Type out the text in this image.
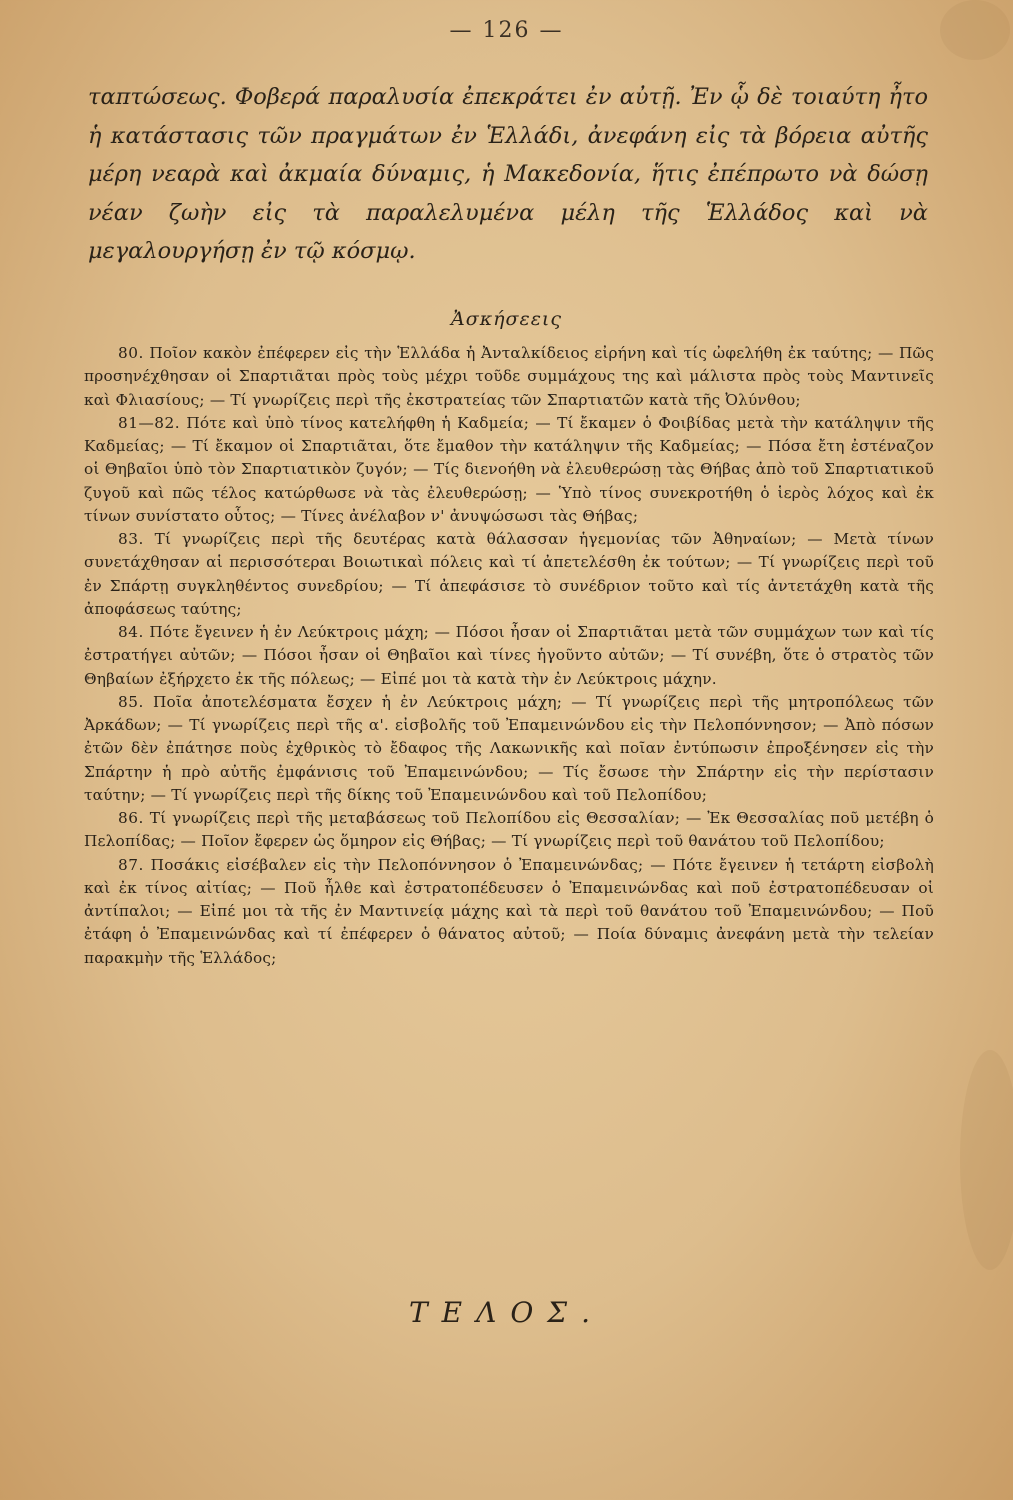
— 126 —
ταπτώσεως. Φοβερά παραλυσία ἐπεκράτει ἐν αὐτῇ. Ἐν ᾧ δὲ τοιαύτη ἦτο ἡ κατάστασις τῶν πραγμάτων ἐν Ἑλλάδι, ἀνεφάνη εἰς τὰ βόρεια αὐτῆς μέρη νεαρὰ καὶ ἀκμαία δύναμις, ἡ Μακεδονία, ἥτις ἐπέπρωτο νὰ δώσῃ νέαν ζωὴν εἰς τὰ παραλελυμένα μέλη τῆς Ἑλλάδος καὶ νὰ μεγαλουργήσῃ ἐν τῷ κόσμῳ.
Ἀσκήσεεις

80. Ποῖον κακὸν ἐπέφερεν εἰς τὴν Ἑλλάδα ἡ Ἀνταλκίδειος εἰρήνη καὶ τίς ὠφελήθη ἐκ ταύτης; — Πῶς προσηνέχθησαν οἱ Σπαρτιᾶται πρὸς τοὺς μέχρι τοῦδε συμμάχους της καὶ μάλιστα πρὸς τοὺς Μαντινεῖς καὶ Φλιασίους; — Τί γνωρίζεις περὶ τῆς ἐκστρατείας τῶν Σπαρτιατῶν κατὰ τῆς Ὀλύνθου;

81—82. Πότε καὶ ὑπὸ τίνος κατελήφθη ἡ Καδμεία; — Τί ἔκαμεν ὁ Φοιβίδας μετὰ τὴν κατάληψιν τῆς Καδμείας; — Τί ἔκαμον οἱ Σπαρτιᾶται, ὅτε ἔμαθον τὴν κατάληψιν τῆς Καδμείας; — Πόσα ἔτη ἐστέναζον οἱ Θηβαῖοι ὑπὸ τὸν Σπαρτιατικὸν ζυγόν; — Τίς διενοήθη νὰ ἐλευθερώσῃ τὰς Θήβας ἀπὸ τοῦ Σπαρτιατικοῦ ζυγοῦ καὶ πῶς τέλος κατώρθωσε νὰ τὰς ἐλευθερώσῃ; — Ὑπὸ τίνος συνεκροτήθη ὁ ἱερὸς λόχος καὶ ἐκ τίνων συνίστατο οὗτος; — Τίνες ἀνέλαβον ν' ἀνυψώσωσι τὰς Θήβας;

83. Τί γνωρίζεις περὶ τῆς δευτέρας κατὰ θάλασσαν ἡγεμονίας τῶν Ἀθηναίων; — Μετὰ τίνων συνετάχθησαν αἱ περισσότεραι Βοιωτικαὶ πόλεις καὶ τί ἀπετελέσθη ἐκ τούτων; — Τί γνωρίζεις περὶ τοῦ ἐν Σπάρτῃ συγκληθέντος συνεδρίου; — Τί ἀπεφάσισε τὸ συνέδριον τοῦτο καὶ τίς ἀντετάχθη κατὰ τῆς ἀποφάσεως ταύτης;

84. Πότε ἔγεινεν ἡ ἐν Λεύκτροις μάχη; — Πόσοι ἦσαν οἱ Σπαρτιᾶται μετὰ τῶν συμμάχων των καὶ τίς ἐστρατήγει αὐτῶν; — Πόσοι ἦσαν οἱ Θηβαῖοι καὶ τίνες ἡγοῦντο αὐτῶν; — Τί συνέβη, ὅτε ὁ στρατὸς τῶν Θηβαίων ἐξήρχετο ἐκ τῆς πόλεως; — Εἰπέ μοι τὰ κατὰ τὴν ἐν Λεύκτροις μάχην.

85. Ποῖα ἀποτελέσματα ἔσχεν ἡ ἐν Λεύκτροις μάχη; — Τί γνωρίζεις περὶ τῆς μητροπόλεως τῶν Ἀρκάδων; — Τί γνωρίζεις περὶ τῆς α'. εἰσβολῆς τοῦ Ἐπαμεινώνδου εἰς τὴν Πελοπόννησον; — Ἀπὸ πόσων ἐτῶν δὲν ἐπάτησε ποὺς ἐχθρικὸς τὸ ἔδαφος τῆς Λακωνικῆς καὶ ποῖαν ἐντύπωσιν ἐπροξένησεν εἰς τὴν Σπάρτην ἡ πρὸ αὐτῆς ἐμφάνισις τοῦ Ἐπαμεινώνδου; — Τίς ἔσωσε τὴν Σπάρτην εἰς τὴν περίστασιν ταύτην; — Τί γνωρίζεις περὶ τῆς δίκης τοῦ Ἐπαμεινώνδου καὶ τοῦ Πελοπίδου;

86. Τί γνωρίζεις περὶ τῆς μεταβάσεως τοῦ Πελοπίδου εἰς Θεσσαλίαν; — Ἐκ Θεσσαλίας ποῦ μετέβη ὁ Πελοπίδας; — Ποῖον ἔφερεν ὡς ὅμηρον εἰς Θήβας; — Τί γνωρίζεις περὶ τοῦ θανάτου τοῦ Πελοπίδου;

87. Ποσάκις εἰσέβαλεν εἰς τὴν Πελοπόννησον ὁ Ἐπαμεινώνδας; — Πότε ἔγεινεν ἡ τετάρτη εἰσβολὴ καὶ ἐκ τίνος αἰτίας; — Ποῦ ἦλθε καὶ ἐστρατοπέδευσεν ὁ Ἐπαμεινώνδας καὶ ποῦ ἐστρατοπέδευσαν οἱ ἀντίπαλοι; — Εἰπέ μοι τὰ τῆς ἐν Μαντινείᾳ μάχης καὶ τὰ περὶ τοῦ θανάτου τοῦ Ἐπαμεινώνδου; — Ποῦ ἐτάφη ὁ Ἐπαμεινώνδας καὶ τί ἐπέφερεν ὁ θάνατος αὐτοῦ; — Ποία δύναμις ἀνεφάνη μετὰ τὴν τελείαν παρακμὴν τῆς Ἑλλάδος;

ΤΕΛΟΣ.
